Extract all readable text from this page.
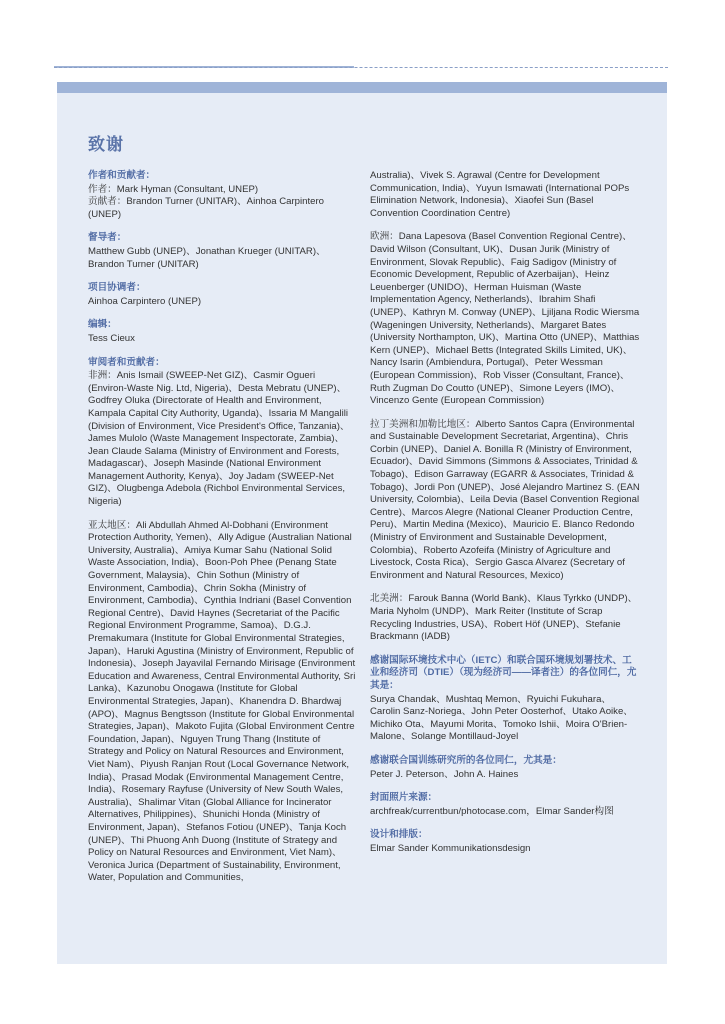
致谢
作者和贡献者：

作者：Mark Hyman (Consultant, UNEP)

贡献者：Brandon Turner (UNITAR)、Ainhoa Carpintero (UNEP)

督导者：

Matthew Gubb (UNEP)、Jonathan Krueger (UNITAR)、Brandon Turner (UNITAR)

项目协调者：

Ainhoa Carpintero (UNEP)

编辑：

Tess Cieux

审阅者和贡献者：

非洲：Anis Ismail (SWEEP-Net GIZ)、Casmir Ogueri (Environ-Waste Nig. Ltd, Nigeria)、Desta Mebratu (UNEP)、Godfrey Oluka (Directorate of Health and Environment, Kampala Capital City Authority, Uganda)、Issaria M Mangalili (Division of Environment, Vice President's Office, Tanzania)、James Mulolo (Waste Management Inspectorate, Zambia)、Jean Claude Salama (Ministry of Environment and Forests, Madagascar)、Joseph Masinde (National Environment Management Authority, Kenya)、Joy Jadam (SWEEP-Net GIZ)、Olugbenga Adebola (Richbol Environmental Services, Nigeria)

亚太地区：Ali Abdullah Ahmed Al-Dobhani (Environment Protection Authority, Yemen)、Ally Adigue (Australian National University, Australia)、Amiya Kumar Sahu (National Solid Waste Association, India)、Boon-Poh Phee (Penang State Government, Malaysia)、Chin Sothun (Ministry of Environment, Cambodia)、Chrin Sokha (Ministry of Environment, Cambodia)、Cynthia Indriani (Basel Convention Regional Centre)、David Haynes (Secretariat of the Pacific Regional Environment Programme, Samoa)、D.G.J. Premakumara (Institute for Global Environmental Strategies, Japan)、Haruki Agustina (Ministry of Environment, Republic of Indonesia)、Joseph Jayavilal Fernando Mirisage (Environment Education and Awareness, Central Environmental Authority, Sri Lanka)、Kazunobu Onogawa (Institute for Global Environmental Strategies, Japan)、Khanendra D. Bhardwaj (APO)、Magnus Bengtsson (Institute for Global Environmental Strategies, Japan)、Makoto Fujita (Global Environment Centre Foundation, Japan)、Nguyen Trung Thang (Institute of Strategy and Policy on Natural Resources and Environment, Viet Nam)、Piyush Ranjan Rout (Local Governance Network, India)、Prasad Modak (Environmental Management Centre, India)、Rosemary Rayfuse (University of New South Wales, Australia)、Shalimar Vitan (Global Alliance for Incinerator Alternatives, Philippines)、Shunichi Honda (Ministry of Environment, Japan)、Stefanos Fotiou (UNEP)、Tanja Koch (UNEP)、Thi Phuong Anh Duong (Institute of Strategy and Policy on Natural Resources and Environment, Viet Nam)、Veronica Jurica (Department of Sustainability, Environment, Water, Population and Communities,

Australia)、Vivek S. Agrawal (Centre for Development Communication, India)、Yuyun Ismawati (International POPs Elimination Network, Indonesia)、Xiaofei Sun (Basel Convention Coordination Centre)

欧洲：Dana Lapesova (Basel Convention Regional Centre)、David Wilson (Consultant, UK)、Dusan Jurik (Ministry of Environment, Slovak Republic)、Faig Sadigov (Ministry of Economic Development, Republic of Azerbaijan)、Heinz Leuenberger (UNIDO)、Herman Huisman (Waste Implementation Agency, Netherlands)、Ibrahim Shafi (UNEP)、Kathryn M. Conway (UNEP)、Ljiljana Rodic Wiersma (Wageningen University, Netherlands)、Margaret Bates (University Northampton, UK)、Martina Otto (UNEP)、Matthias Kern (UNEP)、Michael Betts (Integrated Skills Limited, UK)、Nancy Isarin (Ambiendura, Portugal)、Peter Wessman (European Commission)、Rob Visser (Consultant, France)、Ruth Zugman Do Coutto (UNEP)、Simone Leyers (IMO)、Vincenzo Gente (European Commission)

拉丁美洲和加勒比地区：Alberto Santos Capra (Environmental and Sustainable Development Secretariat, Argentina)、Chris Corbin (UNEP)、Daniel A. Bonilla R (Ministry of Environment, Ecuador)、David Simmons (Simmons & Associates, Trinidad & Tobago)、Edison Garraway (EGARR & Associates, Trinidad & Tobago)、Jordi Pon (UNEP)、José Alejandro Martinez S. (EAN University, Colombia)、Leila Devia (Basel Convention Regional Centre)、Marcos Alegre (National Cleaner Production Centre, Peru)、Martin Medina (Mexico)、Mauricio E. Blanco Redondo (Ministry of Environment and Sustainable Development, Colombia)、Roberto Azofeifa (Ministry of Agriculture and Livestock, Costa Rica)、Sergio Gasca Alvarez (Secretary of Environment and Natural Resources, Mexico)

北美洲：Farouk Banna (World Bank)、Klaus Tyrkko (UNDP)、Maria Nyholm (UNDP)、Mark Reiter (Institute of Scrap Recycling Industries, USA)、Robert Höf (UNEP)、Stefanie Brackmann (IADB)

感谢国际环境技术中心（IETC）和联合国环境规划署技术、工业和经济司（DTIE）（现为经济司——译者注）的各位同仁，尤其是：

Surya Chandak、Mushtaq Memon、Ryuichi Fukuhara、Carolin Sanz-Noriega、John Peter Oosterhof、Utako Aoike、Michiko Ota、Mayumi Morita、Tomoko Ishii、Moira O'Brien-Malone、Solange Montillaud-Joyel

感谢联合国训练研究所的各位同仁，尤其是：

Peter J. Peterson、John A. Haines

封面照片来源：

archfreak/currentbun/photocase.com，Elmar Sander构图

设计和排版：

Elmar Sander Kommunikationsdesign
